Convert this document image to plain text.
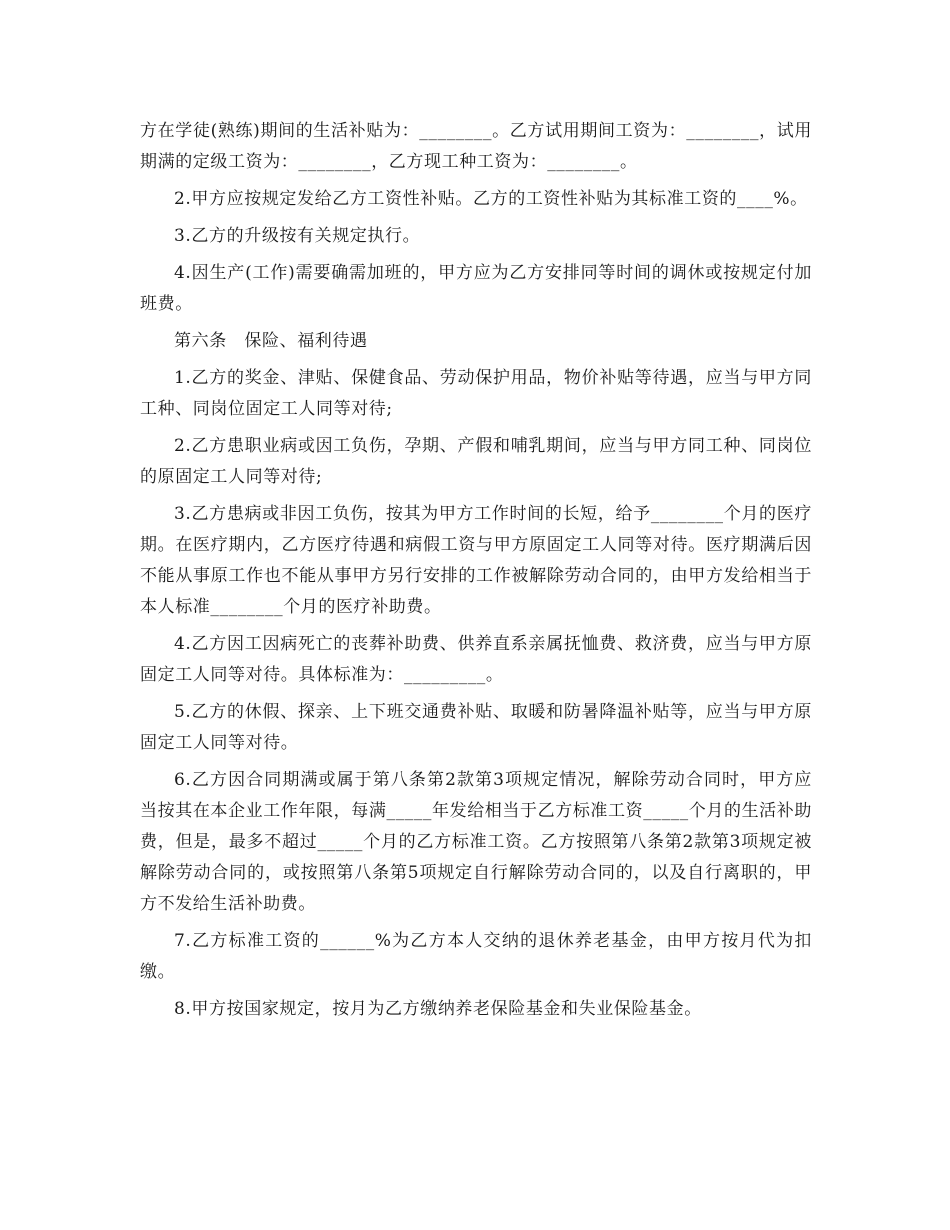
方在学徒(熟练)期间的生活补贴为：________。乙方试用期间工资为：________，试用期满的定级工资为：________，乙方现工种工资为：________。

2.甲方应按规定发给乙方工资性补贴。乙方的工资性补贴为其标准工资的____%。

3.乙方的升级按有关规定执行。

4.因生产(工作)需要确需加班的，甲方应为乙方安排同等时间的调休或按规定付加班费。

第六条　保险、福利待遇

1.乙方的奖金、津贴、保健食品、劳动保护用品，物价补贴等待遇，应当与甲方同工种、同岗位固定工人同等对待;

2.乙方患职业病或因工负伤，孕期、产假和哺乳期间，应当与甲方同工种、同岗位的原固定工人同等对待;

3.乙方患病或非因工负伤，按其为甲方工作时间的长短，给予________个月的医疗期。在医疗期内，乙方医疗待遇和病假工资与甲方原固定工人同等对待。医疗期满后因不能从事原工作也不能从事甲方另行安排的工作被解除劳动合同的，由甲方发给相当于本人标准________个月的医疗补助费。

4.乙方因工因病死亡的丧葬补助费、供养直系亲属抚恤费、救济费，应当与甲方原固定工人同等对待。具体标准为：_________。

5.乙方的休假、探亲、上下班交通费补贴、取暖和防暑降温补贴等，应当与甲方原固定工人同等对待。

6.乙方因合同期满或属于第八条第2款第3项规定情况，解除劳动合同时，甲方应当按其在本企业工作年限，每满_____年发给相当于乙方标准工资_____个月的生活补助费，但是，最多不超过_____个月的乙方标准工资。乙方按照第八条第2款第3项规定被解除劳动合同的，或按照第八条第5项规定自行解除劳动合同的，以及自行离职的，甲方不发给生活补助费。

7.乙方标准工资的______%为乙方本人交纳的退休养老基金，由甲方按月代为扣缴。

8.甲方按国家规定，按月为乙方缴纳养老保险基金和失业保险基金。
